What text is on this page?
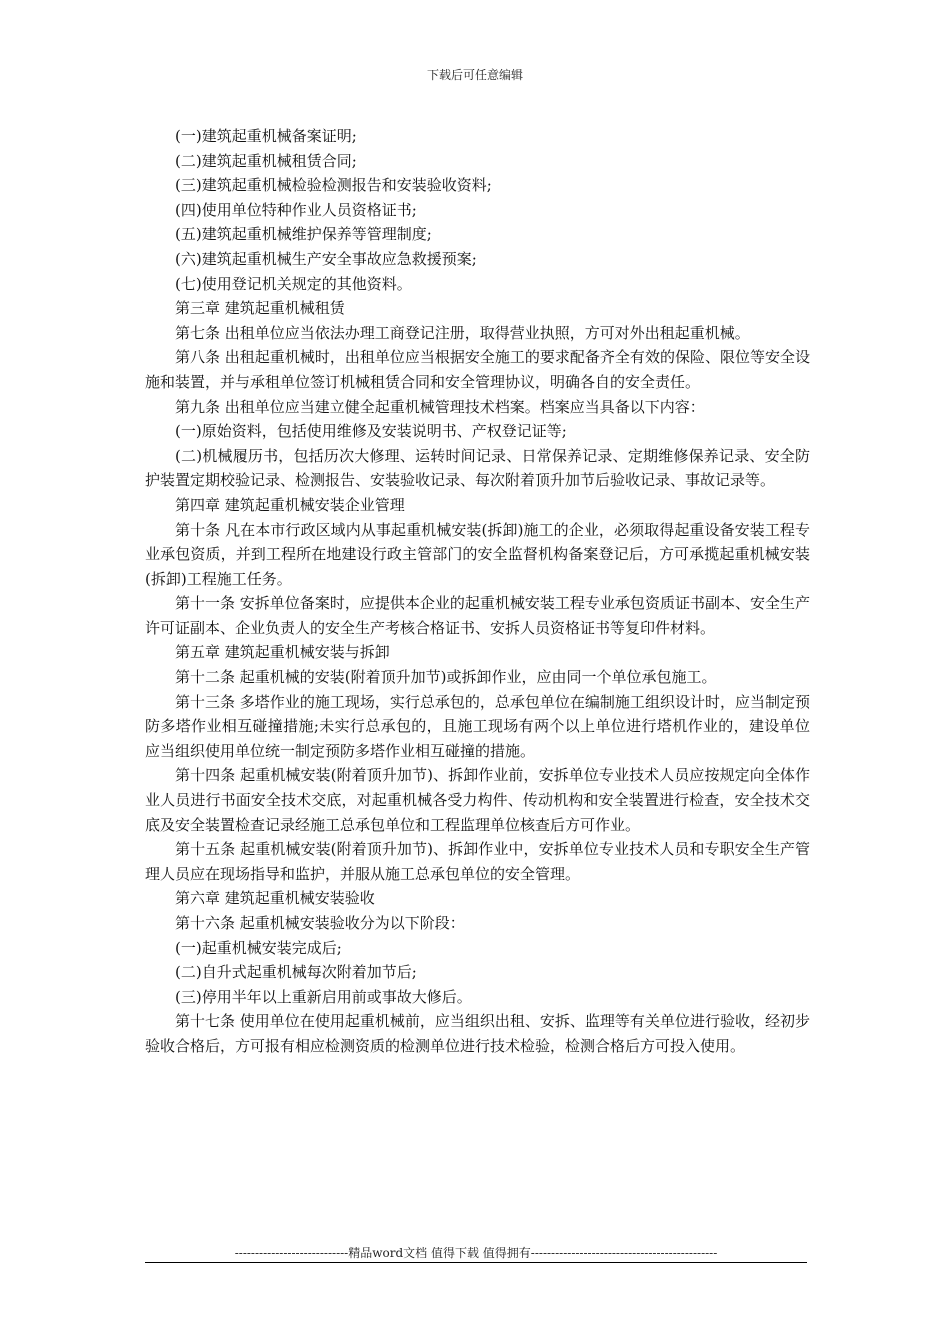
下载后可任意编辑

(一)建筑起重机械备案证明;

(二)建筑起重机械租赁合同;

(三)建筑起重机械检验检测报告和安装验收资料;

(四)使用单位特种作业人员资格证书;

(五)建筑起重机械维护保养等管理制度;

(六)建筑起重机械生产安全事故应急救援预案;

(七)使用登记机关规定的其他资料。

第三章 建筑起重机械租赁

第七条 出租单位应当依法办理工商登记注册，取得营业执照，方可对外出租起重机械。

第八条 出租起重机械时，出租单位应当根据安全施工的要求配备齐全有效的保险、限位等安全设施和装置，并与承租单位签订机械租赁合同和安全管理协议，明确各自的安全责任。

第九条 出租单位应当建立健全起重机械管理技术档案。档案应当具备以下内容：

(一)原始资料，包括使用维修及安装说明书、产权登记证等;

(二)机械履历书，包括历次大修理、运转时间记录、日常保养记录、定期维修保养记录、安全防护装置定期校验记录、检测报告、安装验收记录、每次附着顶升加节后验收记录、事故记录等。

第四章 建筑起重机械安装企业管理

第十条 凡在本市行政区域内从事起重机械安装(拆卸)施工的企业，必须取得起重设备安装工程专业承包资质，并到工程所在地建设行政主管部门的安全监督机构备案登记后，方可承揽起重机械安装(拆卸)工程施工任务。

第十一条 安拆单位备案时，应提供本企业的起重机械安装工程专业承包资质证书副本、安全生产许可证副本、企业负责人的安全生产考核合格证书、安拆人员资格证书等复印件材料。

第五章 建筑起重机械安装与拆卸

第十二条 起重机械的安装(附着顶升加节)或拆卸作业，应由同一个单位承包施工。

第十三条 多塔作业的施工现场，实行总承包的，总承包单位在编制施工组织设计时，应当制定预防多塔作业相互碰撞措施;未实行总承包的，且施工现场有两个以上单位进行塔机作业的，建设单位应当组织使用单位统一制定预防多塔作业相互碰撞的措施。

第十四条 起重机械安装(附着顶升加节)、拆卸作业前，安拆单位专业技术人员应按规定向全体作业人员进行书面安全技术交底，对起重机械各受力构件、传动机构和安全装置进行检查，安全技术交底及安全装置检查记录经施工总承包单位和工程监理单位核查后方可作业。

第十五条 起重机械安装(附着顶升加节)、拆卸作业中，安拆单位专业技术人员和专职安全生产管理人员应在现场指导和监护，并服从施工总承包单位的安全管理。

第六章 建筑起重机械安装验收

第十六条 起重机械安装验收分为以下阶段：

(一)起重机械安装完成后;

(二)自升式起重机械每次附着加节后;

(三)停用半年以上重新启用前或事故大修后。

第十七条 使用单位在使用起重机械前，应当组织出租、安拆、监理等有关单位进行验收，经初步验收合格后，方可报有相应检测资质的检测单位进行技术检验，检测合格后方可投入使用。

----------------------------精品word文档 值得下载 值得拥有----------------------------------------------
